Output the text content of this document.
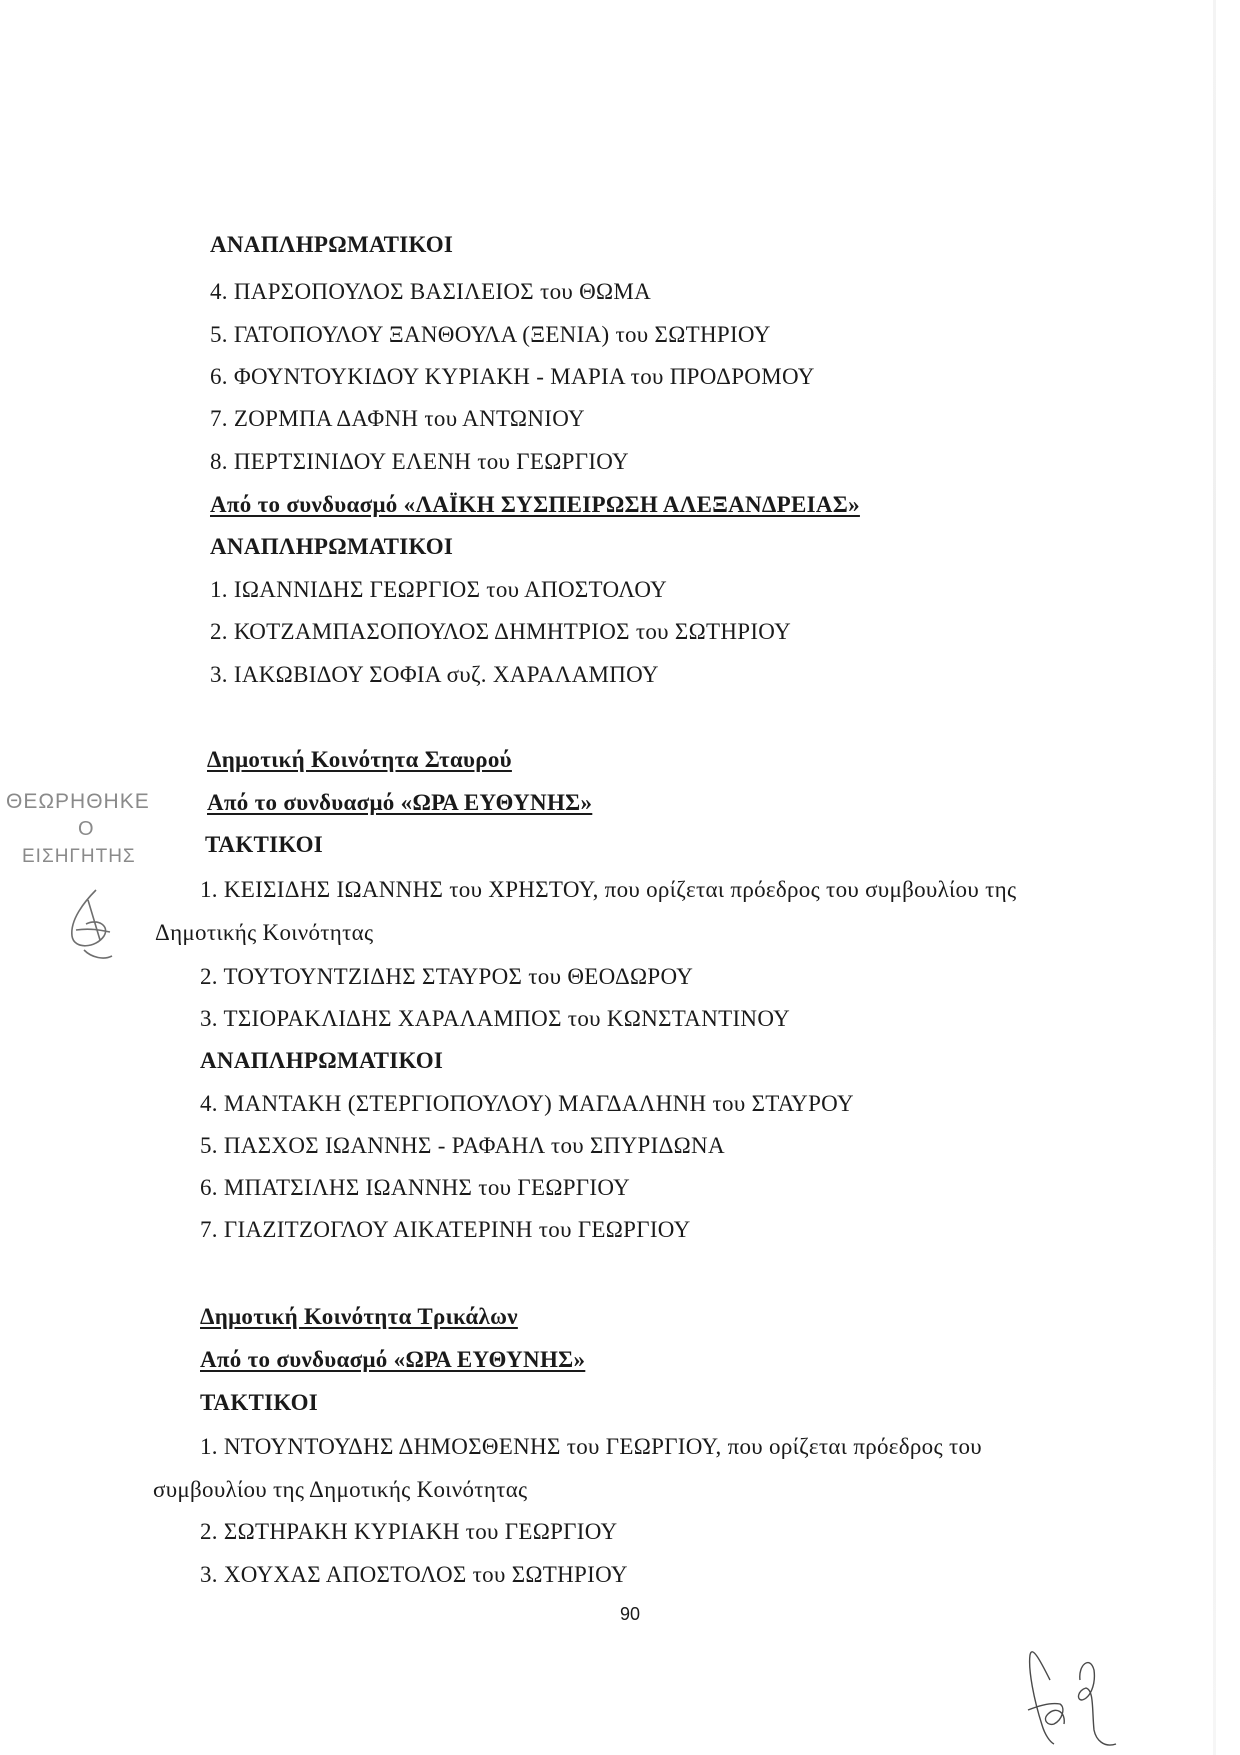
ΑΝΑΠΛΗΡΩΜΑΤΙΚΟΙ
4. ΠΑΡΣΟΠΟΥΛΟΣ ΒΑΣΙΛΕΙΟΣ του ΘΩΜΑ
5. ΓΑΤΟΠΟΥΛΟΥ ΞΑΝΘΟΥΛΑ (ΞΕΝΙΑ) του ΣΩΤΗΡΙΟΥ
6. ΦΟΥΝΤΟΥΚΙΔΟΥ ΚΥΡΙΑΚΗ - ΜΑΡΙΑ του ΠΡΟΔΡΟΜΟΥ
7. ΖΟΡΜΠΑ ΔΑΦΝΗ του ΑΝΤΩΝΙΟΥ
8. ΠΕΡΤΣΙΝΙΔΟΥ ΕΛΕΝΗ του ΓΕΩΡΓΙΟΥ
Από το συνδυασμό «ΛΑΪΚΗ ΣΥΣΠΕΙΡΩΣΗ ΑΛΕΞΑΝΔΡΕΙΑΣ»
ΑΝΑΠΛΗΡΩΜΑΤΙΚΟΙ
1. ΙΩΑΝΝΙΔΗΣ ΓΕΩΡΓΙΟΣ του ΑΠΟΣΤΟΛΟΥ
2. ΚΟΤΖΑΜΠΑΣΟΠΟΥΛΟΣ ΔΗΜΗΤΡΙΟΣ του ΣΩΤΗΡΙΟΥ
3. ΙΑΚΩΒΙΔΟΥ ΣΟΦΙΑ συζ. ΧΑΡΑΛΑΜΠΟΥ
Δημοτική Κοινότητα Σταυρού
Από το συνδυασμό «ΩΡΑ ΕΥΘΥΝΗΣ»
ΤΑΚΤΙΚΟΙ
1. ΚΕΙΣΙΔΗΣ ΙΩΑΝΝΗΣ του ΧΡΗΣΤΟΥ, που ορίζεται πρόεδρος του συμβουλίου της
Δημοτικής Κοινότητας
2. ΤΟΥΤΟΥΝΤΖΙΔΗΣ ΣΤΑΥΡΟΣ του ΘΕΟΔΩΡΟΥ
3. ΤΣΙΟΡΑΚΛΙΔΗΣ ΧΑΡΑΛΑΜΠΟΣ του ΚΩΝΣΤΑΝΤΙΝΟΥ
ΑΝΑΠΛΗΡΩΜΑΤΙΚΟΙ
4. ΜΑΝΤΑΚΗ (ΣΤΕΡΓΙΟΠΟΥΛΟΥ) ΜΑΓΔΑΛΗΝΗ του ΣΤΑΥΡΟΥ
5. ΠΑΣΧΟΣ ΙΩΑΝΝΗΣ - ΡΑΦΑΗΛ του ΣΠΥΡΙΔΩΝΑ
6. ΜΠΑΤΣΙΛΗΣ ΙΩΑΝΝΗΣ του ΓΕΩΡΓΙΟΥ
7. ΓΙΑΖΙΤΖΟΓΛΟΥ ΑΙΚΑΤΕΡΙΝΗ του ΓΕΩΡΓΙΟΥ
Δημοτική Κοινότητα Τρικάλων
Από το συνδυασμό «ΩΡΑ ΕΥΘΥΝΗΣ»
ΤΑΚΤΙΚΟΙ
1. ΝΤΟΥΝΤΟΥΔΗΣ ΔΗΜΟΣΘΕΝΗΣ του ΓΕΩΡΓΙΟΥ, που ορίζεται πρόεδρος του
συμβουλίου της Δημοτικής Κοινότητας
2. ΣΩΤΗΡΑΚΗ ΚΥΡΙΑΚΗ του ΓΕΩΡΓΙΟΥ
3. ΧΟΥΧΑΣ ΑΠΟΣΤΟΛΟΣ του ΣΩΤΗΡΙΟΥ
90
ΘΕΩΡΗΘΗΚΕ
Ο
ΕΙΣΗΓΗΤΗΣ
